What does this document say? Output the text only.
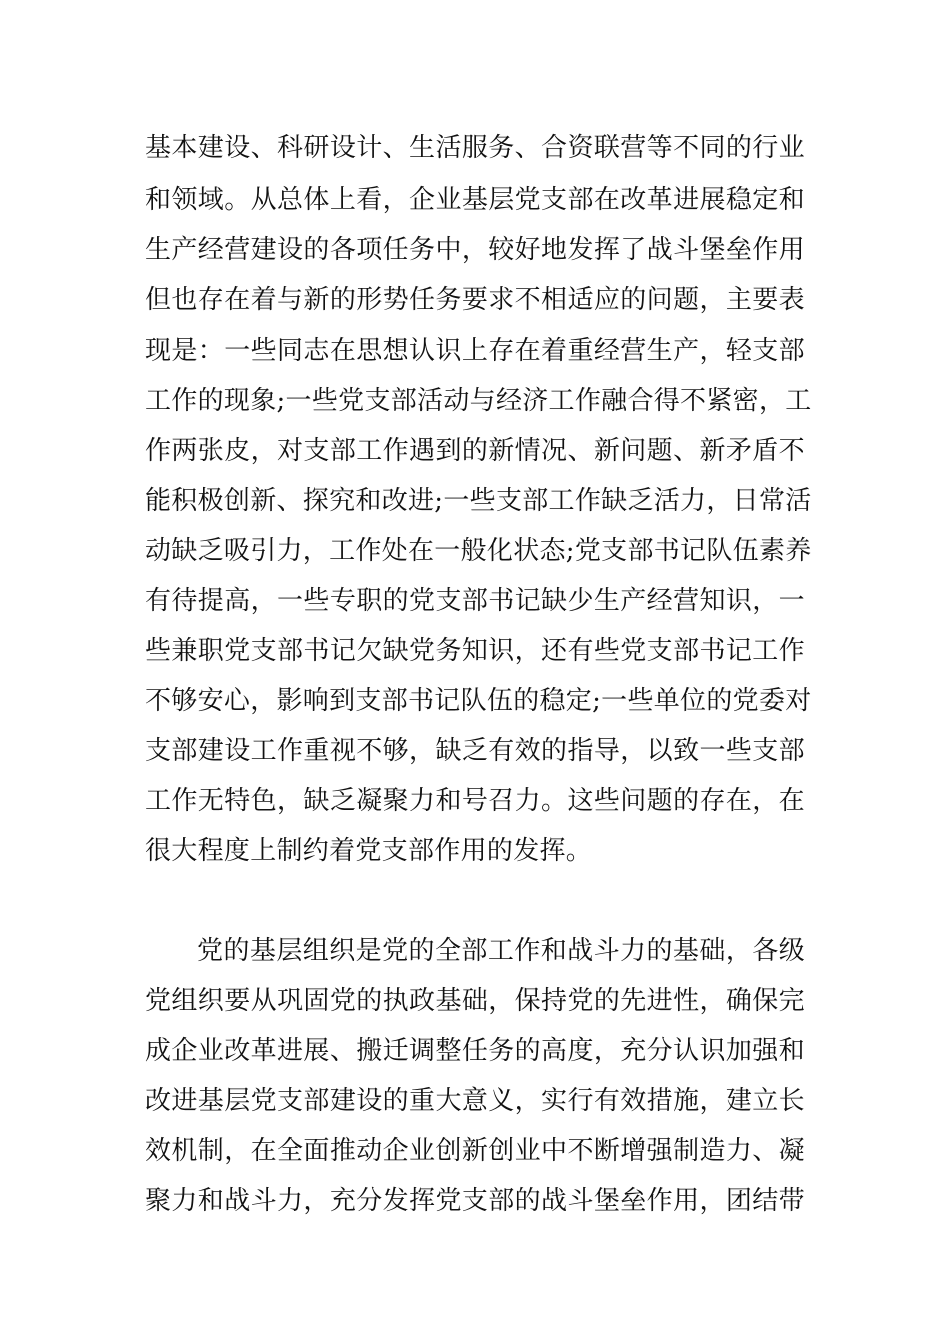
基本建设、科研设计、生活服务、合资联营等不同的行业
和领域。从总体上看，企业基层党支部在改革进展稳定和
生产经营建设的各项任务中，较好地发挥了战斗堡垒作用
但也存在着与新的形势任务要求不相适应的问题，主要表
现是：一些同志在思想认识上存在着重经营生产，轻支部
工作的现象;一些党支部活动与经济工作融合得不紧密，工
作两张皮，对支部工作遇到的新情况、新问题、新矛盾不
能积极创新、探究和改进;一些支部工作缺乏活力，日常活
动缺乏吸引力，工作处在一般化状态;党支部书记队伍素养
有待提高，一些专职的党支部书记缺少生产经营知识，一
些兼职党支部书记欠缺党务知识，还有些党支部书记工作
不够安心，影响到支部书记队伍的稳定;一些单位的党委对
支部建设工作重视不够，缺乏有效的指导，以致一些支部
工作无特色，缺乏凝聚力和号召力。这些问题的存在，在
很大程度上制约着党支部作用的发挥。
党的基层组织是党的全部工作和战斗力的基础，各级
党组织要从巩固党的执政基础，保持党的先进性，确保完
成企业改革进展、搬迁调整任务的高度，充分认识加强和
改进基层党支部建设的重大意义，实行有效措施，建立长
效机制，在全面推动企业创新创业中不断增强制造力、凝
聚力和战斗力，充分发挥党支部的战斗堡垒作用，团结带
